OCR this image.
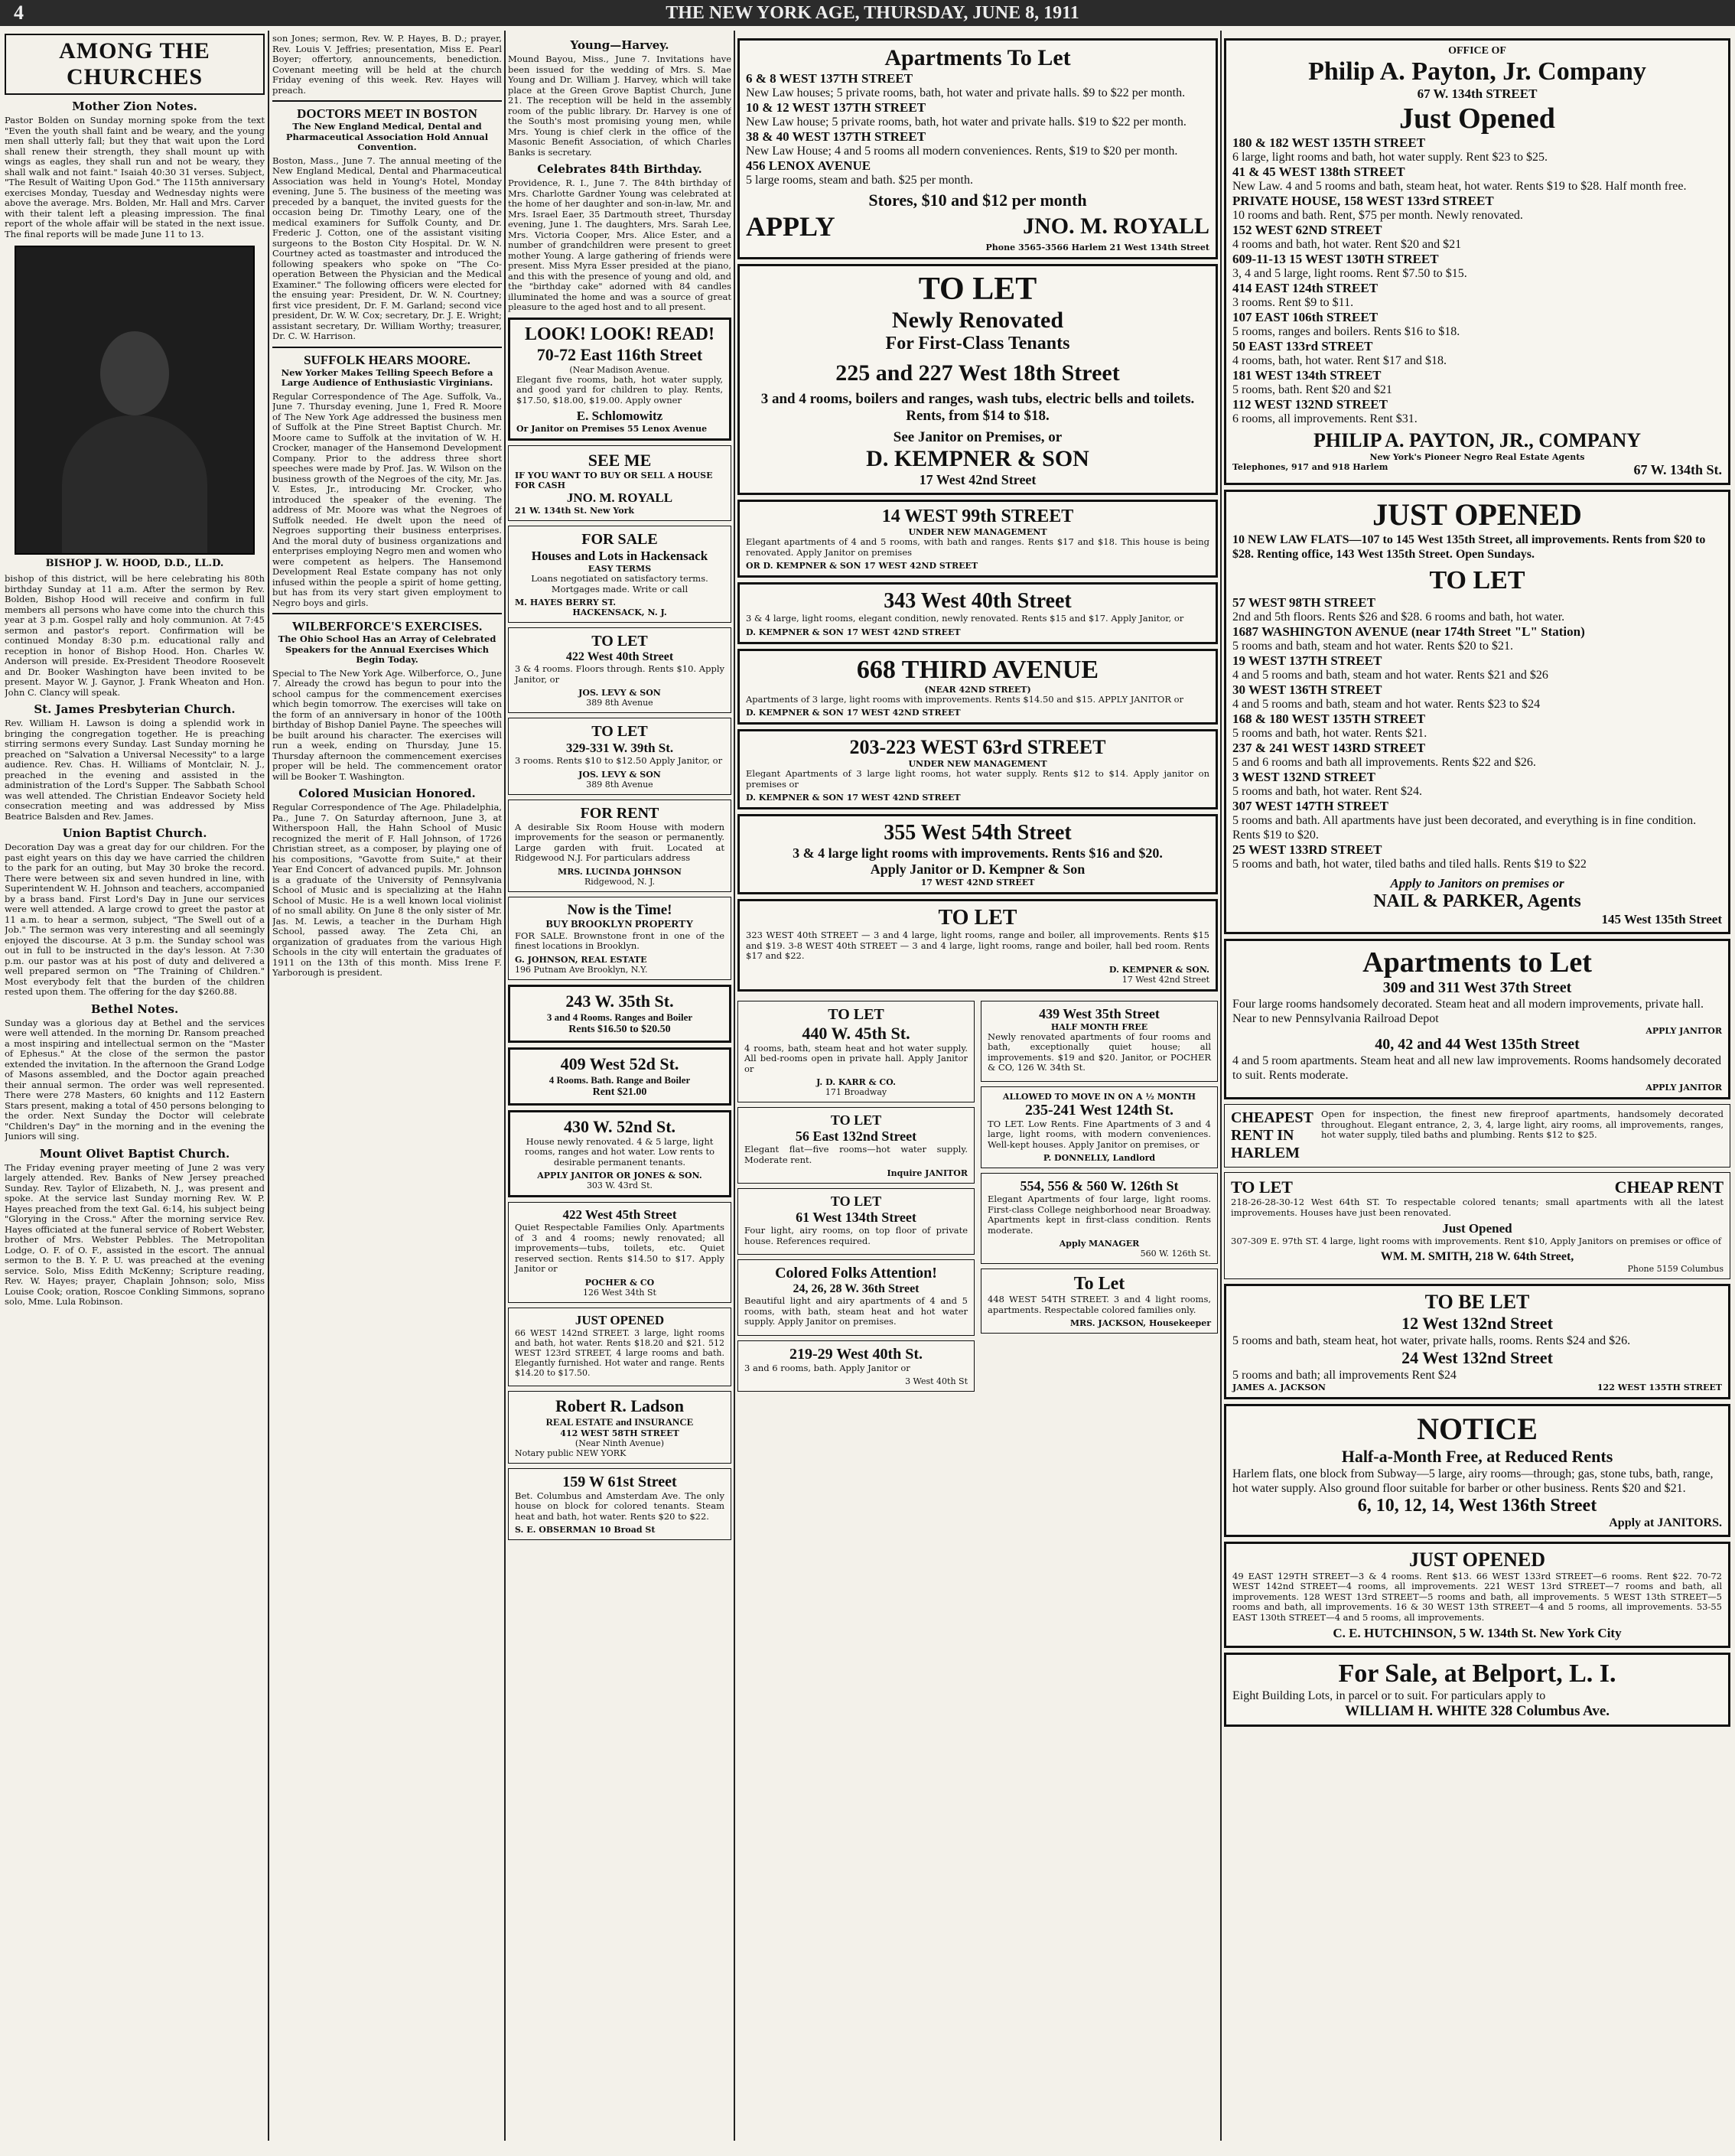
4	THE NEW YORK AGE, THURSDAY, JUNE 8, 1911
AMONG THE CHURCHES
Mother Zion Notes.

Pastor Bolden on Sunday morning spoke from the text "Even the youth shall faint and be weary, and the young men shall utterly fall; but they that wait upon the Lord shall renew their strength, they shall mount up with wings as eagles, they shall run and not be weary, they shall walk and not faint." Isaiah 40:30 31 verses. Subject, "The Result of Waiting Upon God." The 115th anniversary exercises Monday, Tuesday and Wednesday nights were above the average. Mrs. Bolden, Mr. Hall and Mrs. Carver with their talent left a pleasing impression. The final report of the whole affair will be stated in the next issue. The final reports will be made June 11 to 13.

BISHOP J. W. HOOD, D.D., LL.D.

bishop of this district, will be here celebrating his 80th birthday Sunday at 11 a.m. After the sermon by Rev. Bolden, Bishop Hood will receive and confirm in full members all persons who have come into the church this year at 3 p.m. Gospel rally and holy communion. At 7:45 sermon and pastor's report. Confirmation will be continued Monday 8:30 p.m. educational rally and reception in honor of Bishop Hood. Hon. Charles W. Anderson will preside. Ex-President Theodore Roosevelt and Dr. Booker Washington have been invited to be present. Mayor W. J. Gaynor, J. Frank Wheaton and Hon. John C. Clancy will speak.

St. James Presbyterian Church.

Rev. William H. Lawson is doing a splendid work in bringing the congregation together. He is preaching stirring sermons every Sunday. Last Sunday morning he preached on "Salvation a Universal Necessity" to a large audience. Rev. Chas. H. Williams of Montclair, N. J., preached in the evening and assisted in the administration of the Lord's Supper. The Sabbath School was well attended. The Christian Endeavor Society held consecration meeting and was addressed by Miss Beatrice Balsden and Rev. James.

Union Baptist Church.

Decoration Day was a great day for our children. For the past eight years on this day we have carried the children to the park for an outing, but May 30 broke the record. There were between six and seven hundred in line, with Superintendent W. H. Johnson and teachers, accompanied by a brass band. First Lord's Day in June our services were well attended. A large crowd to greet the pastor at 11 a.m. to hear a sermon, subject, "The Swell out of a Job." The sermon was very interesting and all seemingly enjoyed the discourse. At 3 p.m. the Sunday school was out in full to be instructed in the day's lesson. At 7:30 p.m. our pastor was at his post of duty and delivered a well prepared sermon on "The Training of Children." Most everybody felt that the burden of the children rested upon them. The offering for the day $260.88.

Bethel Notes.

Sunday was a glorious day at Bethel and the services were well attended. In the morning Dr. Ransom preached a most inspiring and intellectual sermon on the "Master of Ephesus." At the close of the sermon the pastor extended the invitation. In the afternoon the Grand Lodge of Masons assembled, and the Doctor again preached their annual sermon. The order was well represented. There were 278 Masters, 60 knights and 112 Eastern Stars present, making a total of 450 persons belonging to the order. Next Sunday the Doctor will celebrate "Children's Day" in the morning and in the evening the Juniors will sing.

Mount Olivet Baptist Church.

The Friday evening prayer meeting of June 2 was very largely attended. Rev. Banks of New Jersey preached Sunday. Rev. Taylor of Elizabeth, N. J., was present and spoke. At the service last Sunday morning Rev. W. P. Hayes preached from the text Gal. 6:14, his subject being "Glorying in the Cross." After the morning service Rev. Hayes officiated at the funeral service of Robert Webster, brother of Mrs. Webster Pebbles. The Metropolitan Lodge, O. F. of O. F., assisted in the escort. The annual sermon to the B. Y. P. U. was preached at the evening service. Solo, Miss Edith McKenny; Scripture reading, Rev. W. Hayes; prayer, Chaplain Johnson; solo, Miss Louise Cook; oration, Roscoe Conkling Simmons, soprano solo, Mme. Lula Robinson.

son Jones; sermon, Rev. W. P. Hayes, B. D.; prayer, Rev. Louis V. Jeffries; presentation, Miss E. Pearl Boyer; offertory, announcements, benediction. Covenant meeting will be held at the church Friday evening of this week. Rev. Hayes will preach.

DOCTORS MEET IN BOSTON

The New England Medical, Dental and Pharmaceutical Association Hold Annual Convention.

Boston, Mass., June 7. The annual meeting of the New England Medical, Dental and Pharmaceutical Association was held in Young's Hotel, Monday evening, June 5. The business of the meeting was preceded by a banquet, the invited guests for the occasion being Dr. Timothy Leary, one of the medical examiners for Suffolk County, and Dr. Frederic J. Cotton, one of the assistant visiting surgeons to the Boston City Hospital. Dr. W. N. Courtney acted as toastmaster and introduced the following speakers who spoke on "The Co-operation Between the Physician and the Medical Examiner." The following officers were elected for the ensuing year: President, Dr. W. N. Courtney; first vice president, Dr. F. M. Garland; second vice president, Dr. W. W. Cox; secretary, Dr. J. E. Wright; assistant secretary, Dr. William Worthy; treasurer, Dr. C. W. Harrison.

SUFFOLK HEARS MOORE.

New Yorker Makes Telling Speech Before a Large Audience of Enthusiastic Virginians.

Regular Correspondence of The Age. Suffolk, Va., June 7. Thursday evening, June 1, Fred R. Moore of The New York Age addressed the business men of Suffolk at the Pine Street Baptist Church. Mr. Moore came to Suffolk at the invitation of W. H. Crocker, manager of the Hansemond Development Company. Prior to the address three short speeches were made by Prof. Jas. W. Wilson on the business growth of the Negroes of the city, Mr. Jas. V. Estes, Jr., introducing Mr. Crocker, who introduced the speaker of the evening. The address of Mr. Moore was what the Negroes of Suffolk needed. He dwelt upon the need of Negroes supporting their business enterprises. And the moral duty of business organizations and enterprises employing Negro men and women who were competent as helpers. The Hansemond Development Real Estate company has not only infused within the people a spirit of home getting, but has from its very start given employment to Negro boys and girls.

WILBERFORCE'S EXERCISES.

The Ohio School Has an Array of Celebrated Speakers for the Annual Exercises Which Begin Today.

Special to The New York Age. Wilberforce, O., June 7. Already the crowd has begun to pour into the school campus for the commencement exercises which begin tomorrow. The exercises will take on the form of an anniversary in honor of the 100th birthday of Bishop Daniel Payne. The speeches will be built around his character. The exercises will run a week, ending on Thursday, June 15. Thursday afternoon the commencement exercises proper will be held. The commencement orator will be Booker T. Washington.

Colored Musician Honored.

Regular Correspondence of The Age. Philadelphia, Pa., June 7. On Saturday afternoon, June 3, at Witherspoon Hall, the Hahn School of Music recognized the merit of F. Hall Johnson, of 1726 Christian street, as a composer, by playing one of his compositions, "Gavotte from Suite," at their Year End Concert of advanced pupils. Mr. Johnson is a graduate of the University of Pennsylvania School of Music and is specializing at the Hahn School of Music. He is a well known local violinist of no small ability. On June 8 the only sister of Mr. Jas. M. Lewis, a teacher in the Durham High School, passed away. The Zeta Chi, an organization of graduates from the various High Schools in the city will entertain the graduates of 1911 on the 13th of this month. Miss Irene F. Yarborough is president.

Young—Harvey.

Mound Bayou, Miss., June 7. Invitations have been issued for the wedding of Mrs. S. Mae Young and Dr. William J. Harvey, which will take place at the Green Grove Baptist Church, June 21. The reception will be held in the assembly room of the public library. Dr. Harvey is one of the South's most promising young men, while Mrs. Young is chief clerk in the office of the Masonic Benefit Association, of which Charles Banks is secretary.

Celebrates 84th Birthday.

Providence, R. I., June 7. The 84th birthday of Mrs. Charlotte Gardner Young was celebrated at the home of her daughter and son-in-law, Mr. and Mrs. Israel Eaer, 35 Dartmouth street, Thursday evening, June 1. The daughters, Mrs. Sarah Lee, Mrs. Victoria Cooper, Mrs. Alice Ester, and a number of grandchildren were present to greet mother Young. A large gathering of friends were present. Miss Myra Esser presided at the piano, and this with the presence of young and old, and the "birthday cake" adorned with 84 candles illuminated the home and was a source of great pleasure to the aged host and to all present.

LOOK! LOOK! READ!
70-72 East 116th Street
(Near Madison Avenue.
Elegant five rooms, bath, hot water supply, and good yard for children to play. Rents, $17.50, $18.00, $19.00. Apply owner
E. Schlomowitz
Or Janitor on Premises 55 Lenox Avenue
SEE ME
IF YOU WANT TO BUY OR SELL A HOUSE FOR CASH
JNO. M. ROYALL
21 W. 134th St. New York
FOR SALE
Houses and Lots in Hackensack
EASY TERMS
Loans negotiated on satisfactory terms. Mortgages made. Write or call
M. HAYES BERRY ST.
HACKENSACK, N. J.
TO LET
422 West 40th Street
3 & 4 rooms. Floors through. Rents $10. Apply Janitor, or
JOS. LEVY & SON
389 8th Avenue
TO LET
329-331 W. 39th St.
3 rooms. Rents $10 to $12.50 Apply Janitor, or
JOS. LEVY & SON
389 8th Avenue
FOR RENT
A desirable Six Room House with modern improvements for the season or permanently. Large garden with fruit. Located at Ridgewood N.J. For particulars address
MRS. LUCINDA JOHNSON
Ridgewood, N. J.
Now is the Time!
BUY BROOKLYN PROPERTY
FOR SALE. Brownstone front in one of the finest locations in Brooklyn.
G. JOHNSON, REAL ESTATE
196 Putnam Ave Brooklyn, N.Y.
243 W. 35th St.
3 and 4 Rooms. Ranges and Boiler
Rents $16.50 to $20.50
409 West 52d St.
4 Rooms. Bath. Range and Boiler
Rent $21.00
430 W. 52nd St.
House newly renovated. 4 & 5 large, light rooms, ranges and hot water. Low rents to desirable permanent tenants.
APPLY JANITOR OR JONES & SON.
303 W. 43rd St.
422 West 45th Street
Quiet Respectable Families Only. Apartments of 3 and 4 rooms; newly renovated; all improvements—tubs, toilets, etc. Quiet reserved section. Rents $14.50 to $17. Apply Janitor or
POCHER & CO
126 West 34th St
JUST OPENED
66 WEST 142nd STREET. 3 large, light rooms and bath, hot water. Rents $18.20 and $21. 512 WEST 123rd STREET, 4 large rooms and bath. Elegantly furnished. Hot water and range. Rents $14.20 to $17.50.
Robert R. Ladson
REAL ESTATE and INSURANCE
412 WEST 58TH STREET
(Near Ninth Avenue)
Notary public NEW YORK
159 W 61st Street
Bet. Columbus and Amsterdam Ave. The only house on block for colored tenants. Steam heat and bath, hot water. Rents $20 to $22.
S. E. OBSERMAN 10 Broad St
Apartments To Let
6 & 8 WEST 137TH STREET
New Law houses; 5 private rooms, bath, hot water and private halls. $9 to $22 per month.
10 & 12 WEST 137TH STREET
New Law house; 5 private rooms, bath, hot water and private halls. $19 to $22 per month.
38 & 40 WEST 137TH STREET
New Law House; 4 and 5 rooms all modern conveniences. Rents, $19 to $20 per month.
456 LENOX AVENUE
5 large rooms, steam and bath. $25 per month.
Stores, $10 and $12 per month
APPLY	JNO. M. ROYALL
Phone 3565-3566 Harlem 21 West 134th Street
TO LET
Newly Renovated
For First-Class Tenants
225 and 227 West 18th Street
3 and 4 rooms, boilers and ranges, wash tubs, electric bells and toilets. Rents, from $14 to $18.
See Janitor on Premises, or
D. KEMPNER & SON
17 West 42nd Street
14 WEST 99th STREET
UNDER NEW MANAGEMENT
Elegant apartments of 4 and 5 rooms, with bath and ranges. Rents $17 and $18. This house is being renovated. Apply Janitor on premises
OR D. KEMPNER & SON 17 WEST 42ND STREET
343 West 40th Street
3 & 4 large, light rooms, elegant condition, newly renovated. Rents $15 and $17. Apply Janitor, or
D. KEMPNER & SON 17 WEST 42ND STREET
668 THIRD AVENUE
(NEAR 42ND STREET)
Apartments of 3 large, light rooms with improvements. Rents $14.50 and $15. APPLY JANITOR or
D. KEMPNER & SON 17 WEST 42ND STREET
203-223 WEST 63rd STREET
UNDER NEW MANAGEMENT
Elegant Apartments of 3 large light rooms, hot water supply. Rents $12 to $14. Apply janitor on premises or
D. KEMPNER & SON 17 WEST 42ND STREET
355 West 54th Street
3 & 4 large light rooms with improvements. Rents $16 and $20.
Apply Janitor or D. Kempner & Son
17 WEST 42ND STREET
TO LET
323 WEST 40th STREET — 3 and 4 large, light rooms, range and boiler, all improvements. Rents $15 and $19. 3-8 WEST 40th STREET — 3 and 4 large, light rooms, range and boiler, hall bed room. Rents $17 and $22.
D. KEMPNER & SON.
17 West 42nd Street
TO LET
440 W. 45th St.
4 rooms, bath, steam heat and hot water supply. All bed-rooms open in private hall. Apply Janitor or
J. D. KARR & CO.
171 Broadway
TO LET
56 East 132nd Street
Elegant flat—five rooms—hot water supply. Moderate rent.
Inquire JANITOR
TO LET
61 West 134th Street
Four light, airy rooms, on top floor of private house. References required.
Colored Folks Attention!
24, 26, 28 W. 36th Street
Beautiful light and airy apartments of 4 and 5 rooms, with bath, steam heat and hot water supply. Apply Janitor on premises.
219-29 West 40th St.
3 and 6 rooms, bath. Apply Janitor or
3 West 40th St
439 West 35th Street
HALF MONTH FREE
Newly renovated apartments of four rooms and bath, exceptionally quiet house; all improvements. $19 and $20. Janitor, or POCHER & CO, 126 W. 34th St.
ALLOWED TO MOVE IN ON A ½ MONTH
235-241 West 124th St.
TO LET. Low Rents. Fine Apartments of 3 and 4 large, light rooms, with modern conveniences. Well-kept houses. Apply Janitor on premises, or
P. DONNELLY, Landlord
554, 556 & 560 W. 126th St
Elegant Apartments of four large, light rooms. First-class College neighborhood near Broadway. Apartments kept in first-class condition. Rents moderate.
Apply MANAGER
560 W. 126th St.
To Let
448 WEST 54TH STREET. 3 and 4 light rooms, apartments. Respectable colored families only.
MRS. JACKSON, Housekeeper
OFFICE OF
Philip A. Payton, Jr. Company
67 W. 134th STREET
Just Opened
180 & 182 WEST 135TH STREET
6 large, light rooms and bath, hot water supply. Rent $23 to $25.
41 & 45 WEST 138th STREET
New Law. 4 and 5 rooms and bath, steam heat, hot water. Rents $19 to $28. Half month free.
PRIVATE HOUSE, 158 WEST 133rd STREET
10 rooms and bath. Rent, $75 per month. Newly renovated.
152 WEST 62ND STREET
4 rooms and bath, hot water. Rent $20 and $21
609-11-13 15 WEST 130TH STREET
3, 4 and 5 large, light rooms. Rent $7.50 to $15.
414 EAST 124th STREET
3 rooms. Rent $9 to $11.
107 EAST 106th STREET
5 rooms, ranges and boilers. Rents $16 to $18.
50 EAST 133rd STREET
4 rooms, bath, hot water. Rent $17 and $18.
181 WEST 134th STREET
5 rooms, bath. Rent $20 and $21
112 WEST 132ND STREET
6 rooms, all improvements. Rent $31.
PHILIP A. PAYTON, JR., COMPANY
New York's Pioneer Negro Real Estate Agents
Telephones, 917 and 918 Harlem	67 W. 134th St.
JUST OPENED
10 NEW LAW FLATS—107 to 145 West 135th Street, all improvements. Rents from $20 to $28. Renting office, 143 West 135th Street. Open Sundays.
TO LET
57 WEST 98TH STREET
2nd and 5th floors. Rents $26 and $28. 6 rooms and bath, hot water.
1687 WASHINGTON AVENUE (near 174th Street "L" Station)
5 rooms and bath, steam and hot water. Rents $20 to $21.
19 WEST 137TH STREET
4 and 5 rooms and bath, steam and hot water. Rents $21 and $26
30 WEST 136TH STREET
4 and 5 rooms and bath, steam and hot water. Rents $23 to $24
168 & 180 WEST 135TH STREET
5 rooms and bath, hot water. Rents $21.
237 & 241 WEST 143RD STREET
5 and 6 rooms and bath all improvements. Rents $22 and $26.
3 WEST 132ND STREET
5 rooms and bath, hot water. Rent $24.
307 WEST 147TH STREET
5 rooms and bath. All apartments have just been decorated, and everything is in fine condition. Rents $19 to $20.
25 WEST 133RD STREET
5 rooms and bath, hot water, tiled baths and tiled halls. Rents $19 to $22
Apply to Janitors on premises or
NAIL & PARKER, Agents
145 West 135th Street
Apartments to Let
309 and 311 West 37th Street
Four large rooms handsomely decorated. Steam heat and all modern improvements, private hall. Near to new Pennsylvania Railroad Depot
APPLY JANITOR
40, 42 and 44 West 135th Street
4 and 5 room apartments. Steam heat and all new law improvements. Rooms handsomely decorated to suit. Rents moderate.
APPLY JANITOR
CHEAPEST RENT IN HARLEM
Open for inspection, the finest new fireproof apartments, handsomely decorated throughout. Elegant entrance, 2, 3, 4, large light, airy rooms, all improvements, ranges, hot water supply, tiled baths and plumbing. Rents $12 to $25.
TO LET	CHEAP RENT
218-26-28-30-12 West 64th ST. To respectable colored tenants; small apartments with all the latest improvements. Houses have just been renovated.
Just Opened
307-309 E. 97th ST. 4 large, light rooms with improvements. Rent $10, Apply Janitors on premises or office of
WM. M. SMITH, 218 W. 64th Street,
Phone 5159 Columbus
TO BE LET
12 West 132nd Street
5 rooms and bath, steam heat, hot water, private halls, rooms. Rents $24 and $26.
24 West 132nd Street
5 rooms and bath; all improvements Rent $24
JAMES A. JACKSON	122 WEST 135TH STREET
NOTICE
Half-a-Month Free, at Reduced Rents
Harlem flats, one block from Subway—5 large, airy rooms—through; gas, stone tubs, bath, range, hot water supply. Also ground floor suitable for barber or other business. Rents $20 and $21.
6, 10, 12, 14, West 136th Street
Apply at JANITORS.
JUST OPENED
49 EAST 129TH STREET—3 & 4 rooms. Rent $13. 66 WEST 133rd STREET—6 rooms. Rent $22. 70-72 WEST 142nd STREET—4 rooms, all improvements. 221 WEST 13rd STREET—7 rooms and bath, all improvements. 128 WEST 13rd STREET—5 rooms and bath, all improvements. 5 WEST 13th STREET—5 rooms and bath, all improvements. 16 & 30 WEST 13th STREET—4 and 5 rooms, all improvements. 53-55 EAST 130th STREET—4 and 5 rooms, all improvements.
C. E. HUTCHINSON, 5 W. 134th St. New York City
For Sale, at Belport, L. I.
Eight Building Lots, in parcel or to suit. For particulars apply to
WILLIAM H. WHITE 328 Columbus Ave.
